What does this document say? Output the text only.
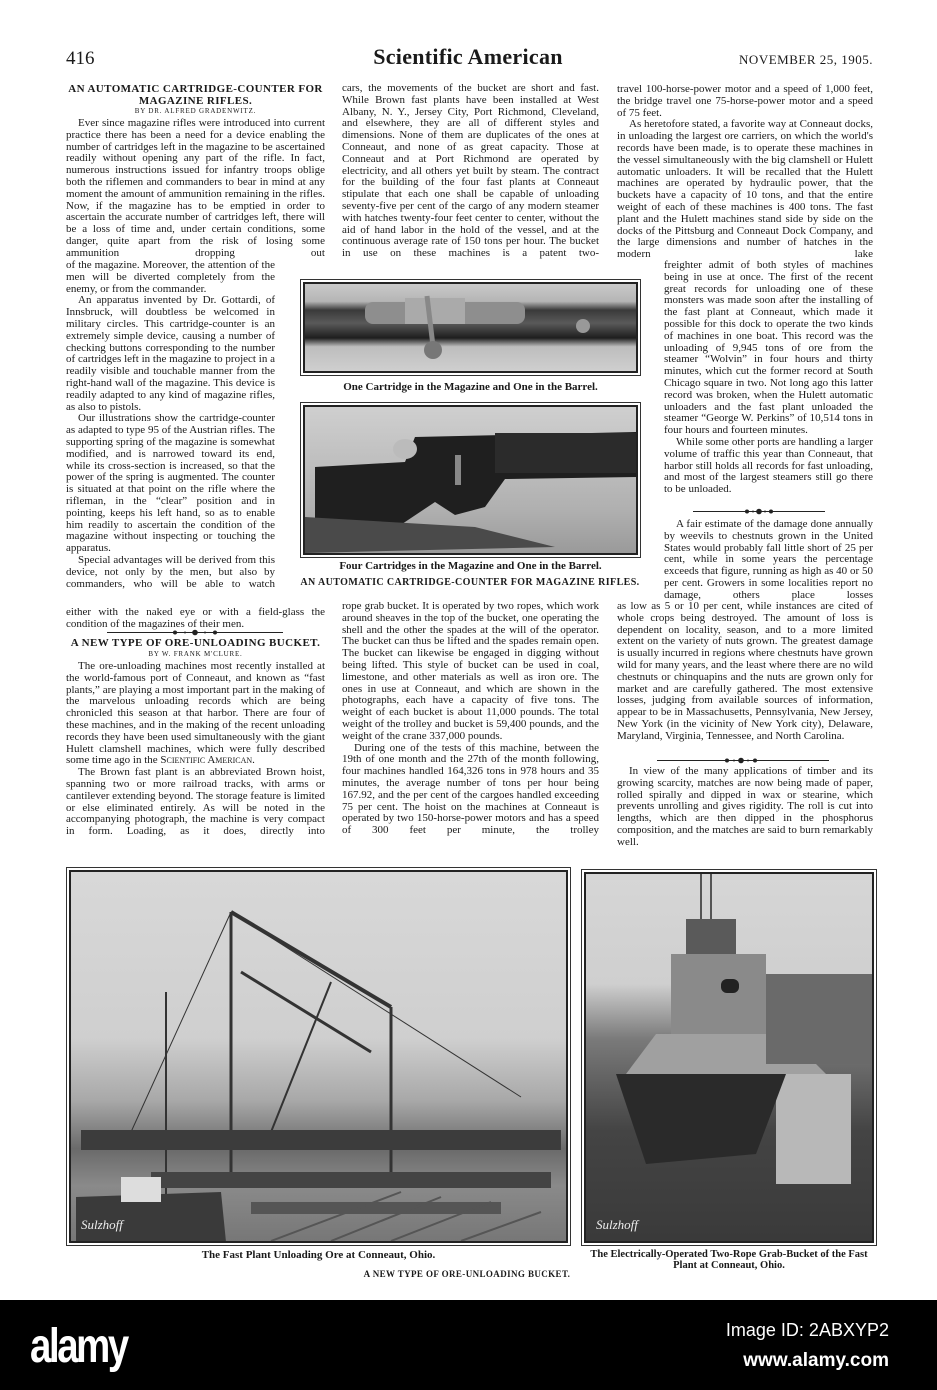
416	Scientific American	NOVEMBER 25, 1905.
AN AUTOMATIC CARTRIDGE-COUNTER FOR MAGAZINE RIFLES.
BY DR. ALFRED GRADENWITZ.

Ever since magazine rifles were introduced into current practice there has been a need for a device enabling the number of cartridges left in the magazine to be ascertained readily without opening any part of the rifle. In fact, numerous instructions issued for infantry troops oblige both the riflemen and commanders to bear in mind at any moment the amount of ammunition remaining in the rifles. Now, if the magazine has to be emptied in order to ascertain the accurate number of cartridges left, there will be a loss of time and, under certain conditions, some danger, quite apart from the risk of losing some ammunition dropping out

of the magazine. Moreover, the attention of the men will be diverted completely from the enemy, or from the commander.

An apparatus invented by Dr. Gottardi, of Innsbruck, will doubtless be welcomed in military circles. This cartridge-counter is an extremely simple device, causing a number of checking buttons corresponding to the number of cartridges left in the magazine to project in a readily visible and touchable manner from the right-hand wall of the magazine. This device is readily adapted to any kind of magazine rifles, as also to pistols.

Our illustrations show the cartridge-counter as adapted to type 95 of the Austrian rifles. The supporting spring of the magazine is somewhat modified, and is narrowed toward its end, while its cross-section is increased, so that the power of the spring is augmented. The counter is situated at that point on the rifle where the rifleman, in the “clear” position and in pointing, keeps his left hand, so as to enable him readily to ascertain the condition of the magazine without inspecting or touching the apparatus.

Special advantages will be derived from this device, not only by the men, but also by commanders, who will be able to watch

either with the naked eye or with a field-glass the condition of the magazines of their men.

A NEW TYPE OF ORE-UNLOADING BUCKET.
BY W. FRANK M'CLURE.

The ore-unloading machines most recently installed at the world-famous port of Conneaut, and known as “fast plants,” are playing a most important part in the making of the marvelous unloading records which are being chronicled this season at that harbor. There are four of these machines, and in the making of the recent unloading records they have been used simultaneously with the giant Hulett clamshell machines, which were fully described some time ago in the Scientific American.

The Brown fast plant is an abbreviated Brown hoist, spanning two or more railroad tracks, with arms or cantilever extending beyond. The storage feature is limited or else eliminated entirely. As will be noted in the accompanying photograph, the machine is very compact in form. Loading, as it does, directly into

cars, the movements of the bucket are short and fast. While Brown fast plants have been installed at West Albany, N. Y., Jersey City, Port Richmond, Cleveland, and elsewhere, they are all of different styles and dimensions. None of them are duplicates of the ones at Conneaut, and none of as great capacity. Those at Conneaut and at Port Richmond are operated by electricity, and all others yet built by steam. The contract for the building of the four fast plants at Conneaut stipulate that each one shall be capable of unloading seventy-five per cent of the cargo of any modern steamer with hatches twenty-four feet center to center, without the aid of hand labor in the hold of the vessel, and at the continuous average rate of 150 tons per hour. The bucket in use on these machines is a patent two-

One Cartridge in the Magazine and One in the Barrel.
Four Cartridges in the Magazine and One in the Barrel.
AN AUTOMATIC CARTRIDGE-COUNTER FOR MAGAZINE RIFLES.

rope grab bucket. It is operated by two ropes, which work around sheaves in the top of the bucket, one operating the shell and the other the spades at the will of the operator. The bucket can thus be lifted and the spades remain open. The bucket can likewise be engaged in digging without being lifted. This style of bucket can be used in coal, limestone, and other materials as well as iron ore. The ones in use at Conneaut, and which are shown in the photographs, each have a capacity of five tons. The weight of each bucket is about 11,000 pounds. The total weight of the trolley and bucket is 59,400 pounds, and the weight of the crane 337,000 pounds.

During one of the tests of this machine, between the 19th of one month and the 27th of the month following, four machines handled 164,326 tons in 978 hours and 35 minutes, the average number of tons per hour being 167.92, and the per cent of the cargoes handled exceeding 75 per cent. The hoist on the machines at Conneaut is operated by two 150-horse-power motors and has a speed of 300 feet per minute, the trolley

travel 100-horse-power motor and a speed of 1,000 feet, the bridge travel one 75-horse-power motor and a speed of 75 feet.

As heretofore stated, a favorite way at Conneaut docks, in unloading the largest ore carriers, on which the world's records have been made, is to operate these machines in the vessel simultaneously with the big clamshell or Hulett automatic unloaders. It will be recalled that the Hulett machines are operated by hydraulic power, that the buckets have a capacity of 10 tons, and that the entire weight of each of these machines is 400 tons. The fast plant and the Hulett machines stand side by side on the docks of the Pittsburg and Conneaut Dock Company, and the large dimensions and number of hatches in the modern lake

freighter admit of both styles of machines being in use at once. The first of the recent great records for unloading one of these monsters was made soon after the installing of the fast plant at Conneaut, which made it possible for this dock to operate the two kinds of machines in one boat. This record was the unloading of 9,945 tons of ore from the steamer “Wolvin” in four hours and thirty minutes, which cut the former record at South Chicago square in two. Not long ago this latter record was broken, when the Hulett automatic unloaders and the fast plant unloaded the steamer “George W. Perkins” of 10,514 tons in four hours and fourteen minutes.

While some other ports are handling a larger volume of traffic this year than Conneaut, that harbor still holds all records for fast unloading, and most of the largest steamers still go there to be unloaded.

A fair estimate of the damage done annually by weevils to chestnuts grown in the United States would probably fall little short of 25 per cent, while in some years the percentage exceeds that figure, running as high as 40 or 50 per cent. Growers in some localities report no damage, others place losses

as low as 5 or 10 per cent, while instances are cited of whole crops being destroyed. The amount of loss is dependent on locality, season, and to a more limited extent on the variety of nuts grown. The greatest damage is usually incurred in regions where chestnuts have grown wild for many years, and the least where there are no wild chestnuts or chinquapins and the nuts are grown only for market and are carefully gathered. The most extensive losses, judging from available sources of information, appear to be in Massachusetts, Pennsylvania, New Jersey, New York (in the vicinity of New York city), Delaware, Maryland, Virginia, Tennessee, and North Carolina.

In view of the many applications of timber and its growing scarcity, matches are now being made of paper, rolled spirally and dipped in wax or stearine, which prevents unrolling and gives rigidity. The roll is cut into lengths, which are then dipped in the phosphorus composition, and the matches are said to burn remarkably well.

Sulzhoff
The Fast Plant Unloading Ore at Conneaut, Ohio.
A NEW TYPE OF ORE-UNLOADING BUCKET.
Sulzhoff
The Electrically-Operated Two-Rope Grab-Bucket of the Fast Plant at Conneaut, Ohio.
alamy	Image ID: 2ABXYP2
www.alamy.com
